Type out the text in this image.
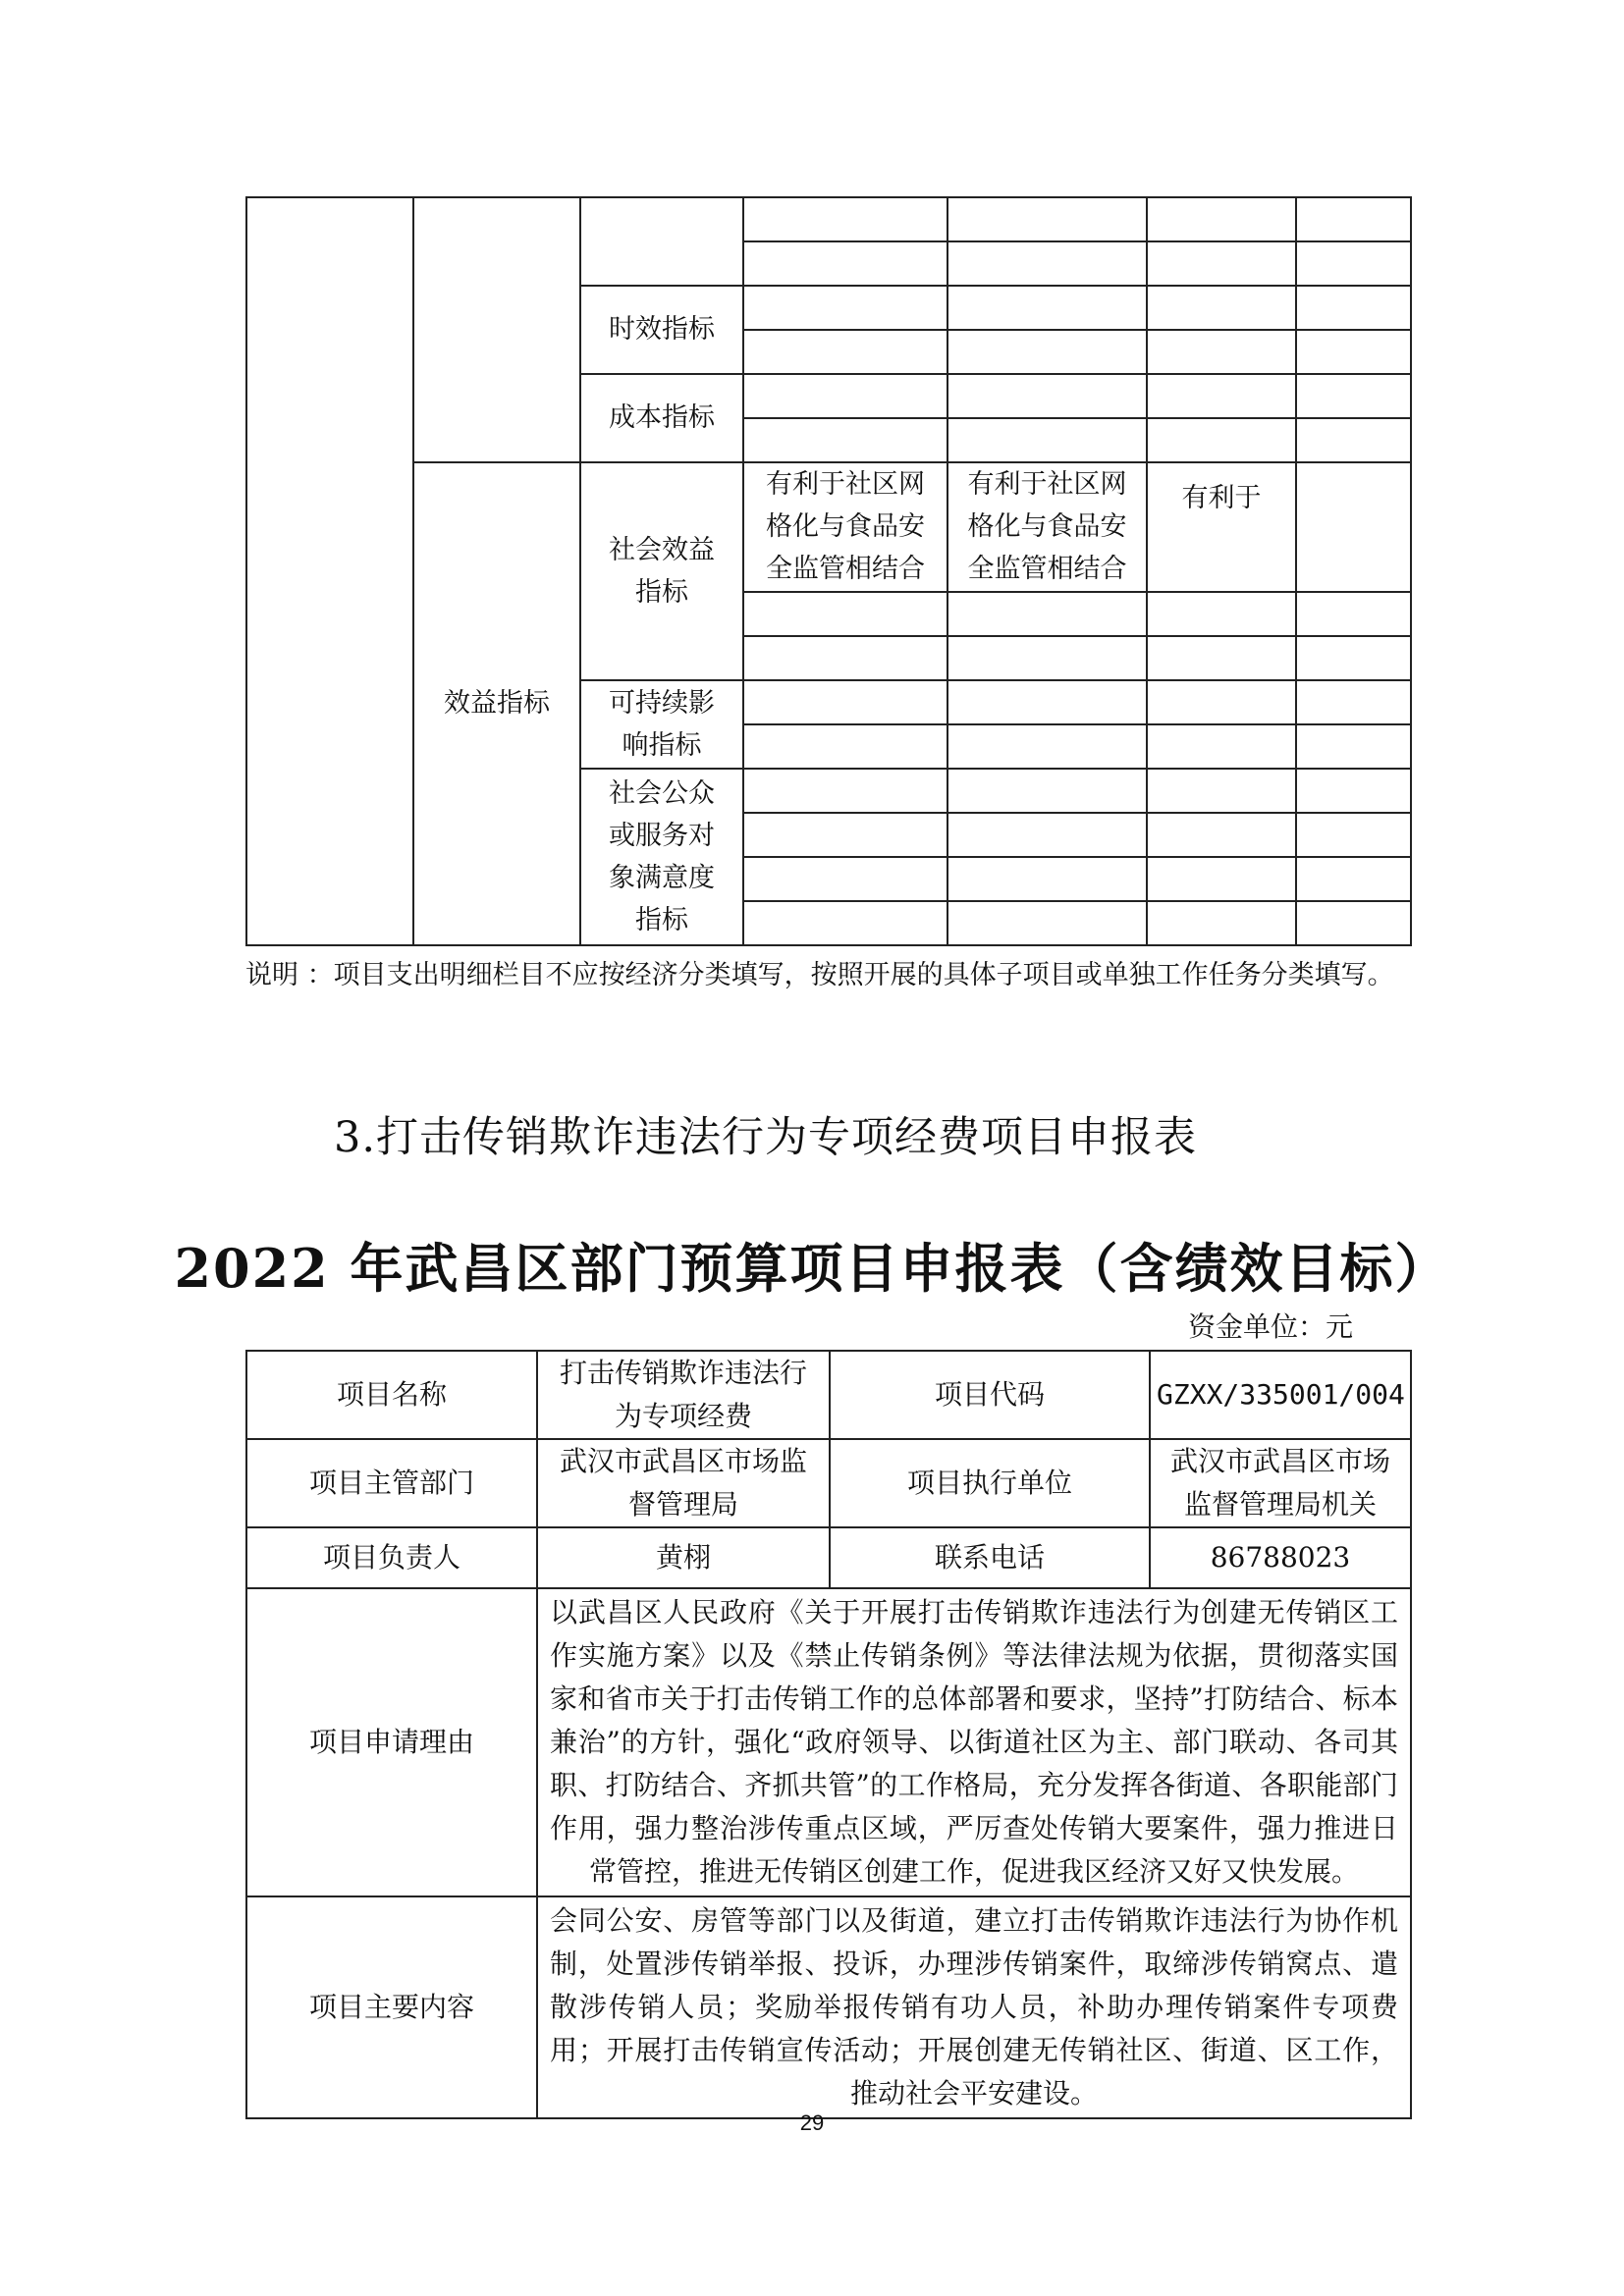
		时效指标				

		成本指标				

	效益指标	社会效益指标	有利于社区网格化与食品安全监管相结合	有利于社区网格化与食品安全监管相结合	有利于	

		可持续影响指标				

		社会公众或服务对象满意度指标				

说明 ：项目支出明细栏目不应按经济分类填写，按照开展的具体子项目或单独工作任务分类填写。
3.打击传销欺诈违法行为专项经费项目申报表
2022 年武昌区部门预算项目申报表（含绩效目标）
资金单位：元
项目名称	打击传销欺诈违法行为专项经费	项目代码	GZXX/335001/004
项目主管部门	武汉市武昌区市场监督管理局	项目执行单位	武汉市武昌区市场监督管理局机关
项目负责人	黄栩	联系电话	86788023
项目申请理由	以武昌区人民政府《关于开展打击传销欺诈违法行为创建无传销区工作实施方案》以及《禁止传销条例》等法律法规为依据，贯彻落实国家和省市关于打击传销工作的总体部署和要求，坚持”打防结合、标本兼治”的方针，强化“政府领导、以街道社区为主、部门联动、各司其职、打防结合、齐抓共管”的工作格局，充分发挥各街道、各职能部门作用，强力整治涉传重点区域，严厉查处传销大要案件，强力推进日常管控，推进无传销区创建工作，促进我区经济又好又快发展。		
项目主要内容	会同公安、房管等部门以及街道，建立打击传销欺诈违法行为协作机制，处置涉传销举报、投诉，办理涉传销案件，取缔涉传销窝点、遣散涉传销人员；奖励举报传销有功人员，补助办理传销案件专项费用；开展打击传销宣传活动；开展创建无传销社区、街道、区工作，推动社会平安建设。		
29
